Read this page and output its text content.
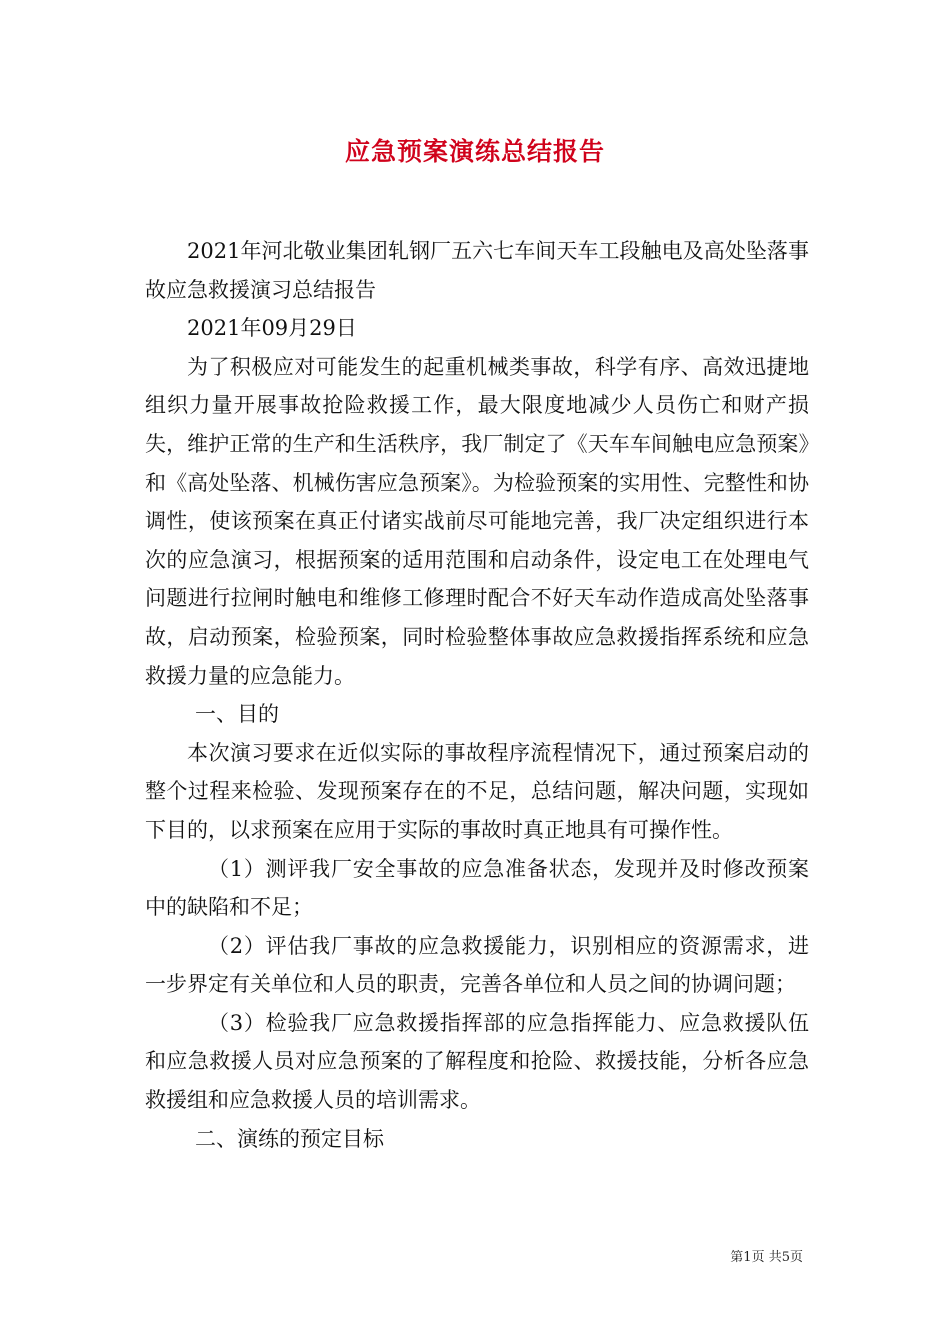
应急预案演练总结报告

2021年河北敬业集团轧钢厂五六七车间天车工段触电及高处坠落事故应急救援演习总结报告

2021年09月29日

为了积极应对可能发生的起重机械类事故，科学有序、高效迅捷地组织力量开展事故抢险救援工作，最大限度地减少人员伤亡和财产损失，维护正常的生产和生活秩序，我厂制定了《天车车间触电应急预案》和《高处坠落、机械伤害应急预案》。为检验预案的实用性、完整性和协调性，使该预案在真正付诸实战前尽可能地完善，我厂决定组织进行本次的应急演习，根据预案的适用范围和启动条件，设定电工在处理电气问题进行拉闸时触电和维修工修理时配合不好天车动作造成高处坠落事故，启动预案，检验预案，同时检验整体事故应急救援指挥系统和应急救援力量的应急能力。

一、目的

本次演习要求在近似实际的事故程序流程情况下，通过预案启动的整个过程来检验、发现预案存在的不足，总结问题，解决问题，实现如下目的，以求预案在应用于实际的事故时真正地具有可操作性。

（1）测评我厂安全事故的应急准备状态，发现并及时修改预案中的缺陷和不足；

（2）评估我厂事故的应急救援能力，识别相应的资源需求，进一步界定有关单位和人员的职责，完善各单位和人员之间的协调问题；

（3）检验我厂应急救援指挥部的应急指挥能力、应急救援队伍和应急救援人员对应急预案的了解程度和抢险、救援技能，分析各应急救援组和应急救援人员的培训需求。

二、演练的预定目标

第1页 共5页
